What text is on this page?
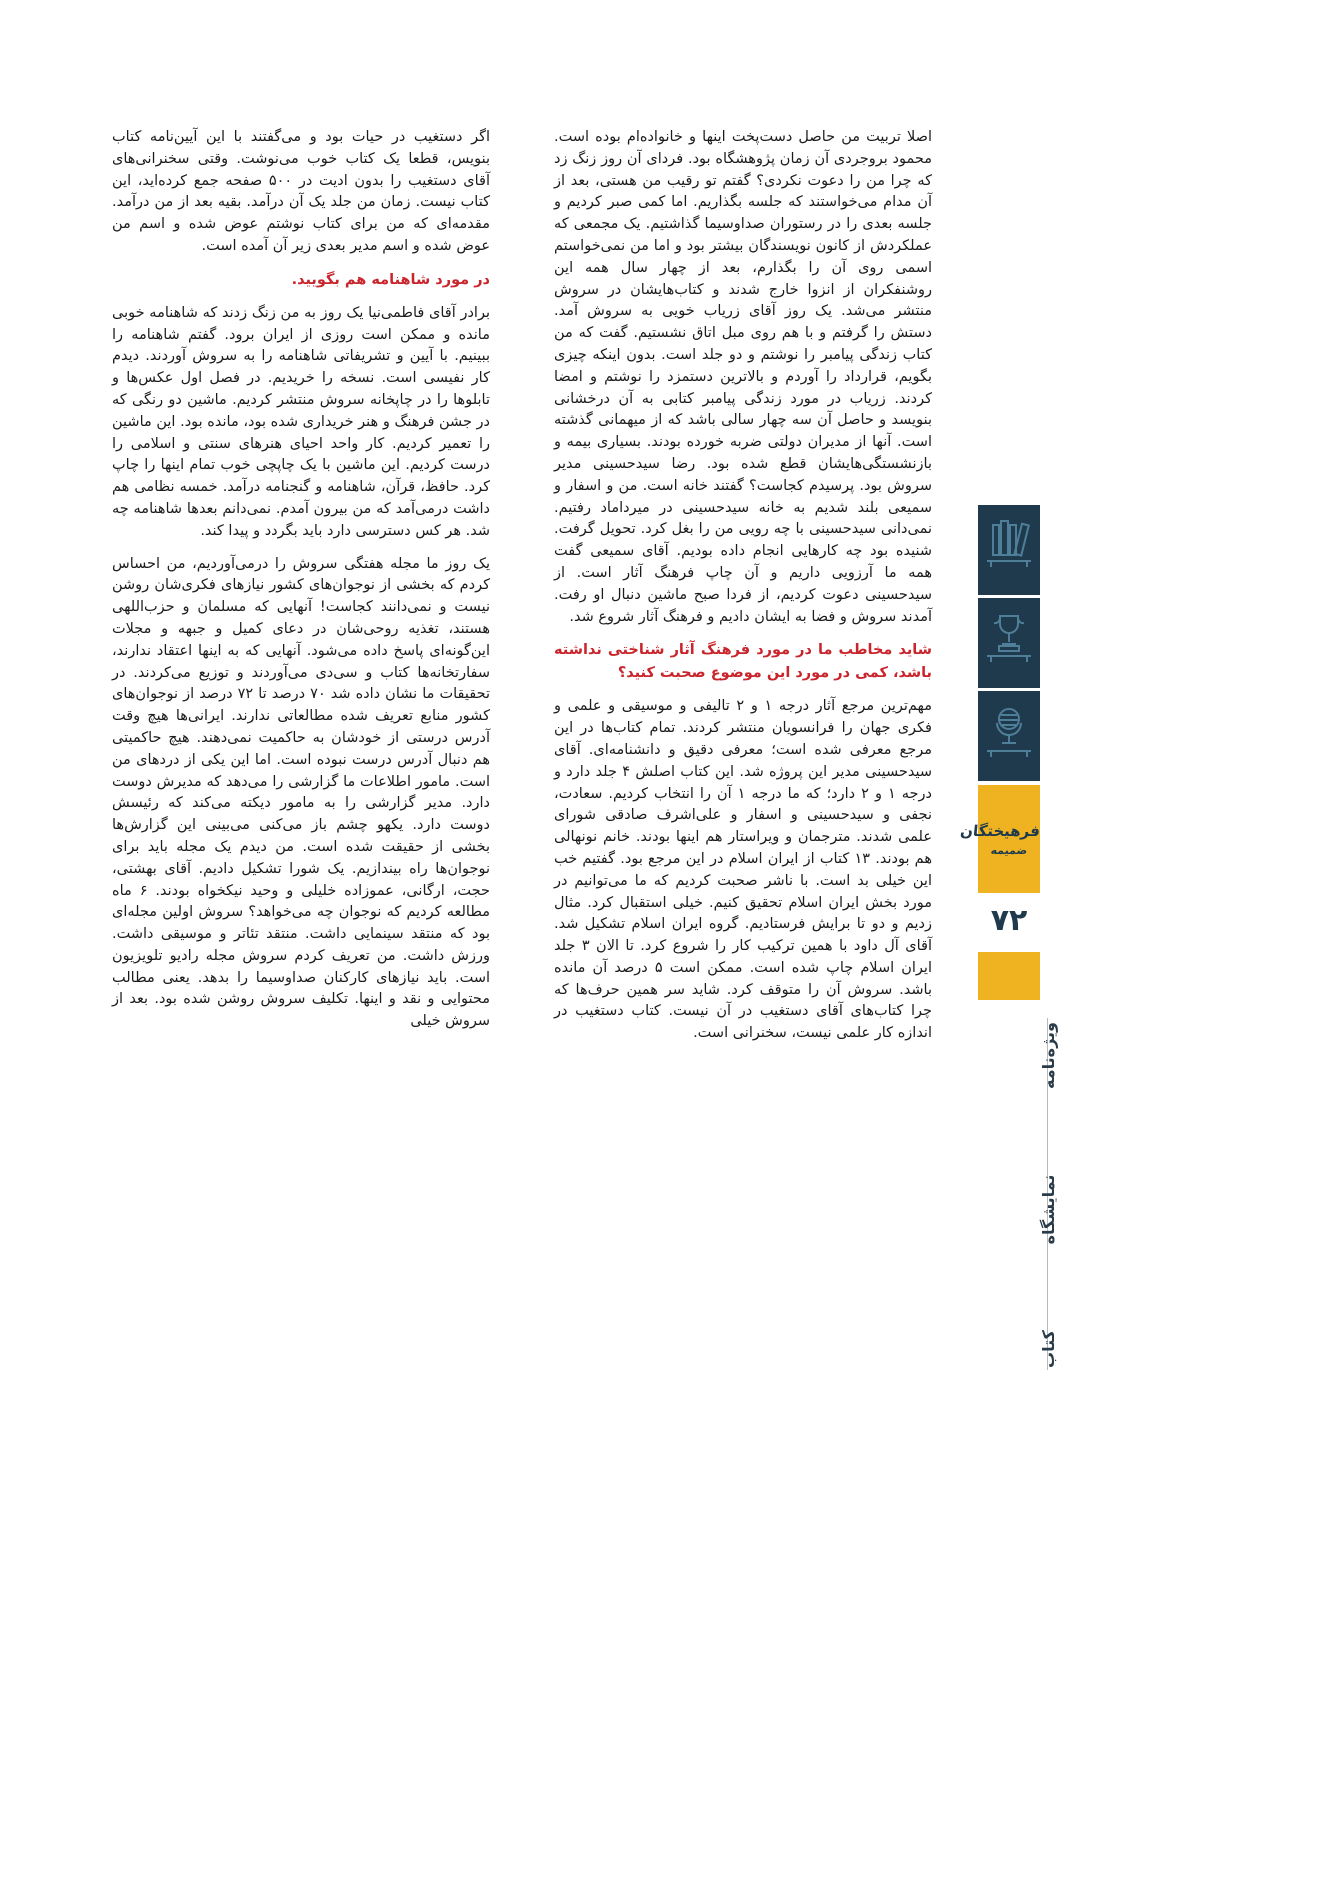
اصلا تربیت من حاصل دست‌پخت اینها و خانواده‌ام بوده است. محمود بروجردی آن زمان پژوهشگاه بود. فردای آن روز زنگ زد که چرا من را دعوت نکردی؟ گفتم تو رقیب من هستی، بعد از آن مدام می‌خواستند که جلسه بگذاریم. اما کمی صبر کردیم و جلسه بعدی را در رستوران صداوسیما گذاشتیم. یک مجمعی که عملکردش از کانون نویسندگان بیشتر بود و اما من نمی‌خواستم اسمی روی آن را بگذارم، بعد از چهار سال همه این روشنفکران از انزوا خارج شدند و کتاب‌هایشان در سروش منتشر می‌شد. یک روز آقای زریاب خویی به سروش آمد. دستش را گرفتم و با هم روی مبل اتاق نشستیم. گفت که من کتاب زندگی پیامبر را نوشتم و دو جلد است. بدون اینکه چیزی بگویم، قرارداد را آوردم و بالاترین دستمزد را نوشتم و امضا کردند. زریاب در مورد زندگی پیامبر کتابی به آن درخشانی بنویسد و حاصل آن سه چهار سالی باشد که از میهمانی گذشته است. آنها از مدیران دولتی ضربه خورده بودند. بسیاری بیمه و بازنشستگی‌هایشان قطع شده بود. رضا سیدحسینی مدیر سروش بود. پرسیدم کجاست؟ گفتند خانه است. من و اسفار و سمیعی بلند شدیم به خانه سیدحسینی در میرداماد رفتیم. نمی‌دانی سیدحسینی با چه رویی من را بغل کرد. تحویل گرفت. شنیده بود چه کارهایی انجام داده بودیم. آقای سمیعی گفت همه ما آرزویی داریم و آن چاپ فرهنگ آثار است. از سیدحسینی دعوت کردیم، از فردا صبح ماشین دنبال او رفت. آمدند سروش و فضا به ایشان دادیم و فرهنگ آثار شروع شد.

شاید مخاطب ما در مورد فرهنگ آثار شناختی نداشته باشد، کمی در مورد این موضوع صحبت کنید؟

مهم‌ترین مرجع آثار درجه ۱ و ۲ تالیفی و موسیقی و علمی و فکری جهان را فرانسویان منتشر کردند. تمام کتاب‌ها در این مرجع معرفی شده است؛ معرفی دقیق و دانشنامه‌ای. آقای سیدحسینی مدیر این پروژه شد. این کتاب اصلش ۴ جلد دارد و درجه ۱ و ۲ دارد؛ که ما درجه ۱ آن را انتخاب کردیم. سعادت، نجفی و سیدحسینی و اسفار و علی‌اشرف صادقی شورای علمی شدند. مترجمان و ویراستار هم اینها بودند. خانم نونهالی هم بودند. ۱۳ کتاب از ایران اسلام در این مرجع بود. گفتیم خب این خیلی بد است. با ناشر صحبت کردیم که ما می‌توانیم در مورد بخش ایران اسلام تحقیق کنیم. خیلی استقبال کرد. مثال زدیم و دو تا برایش فرستادیم. گروه ایران اسلام تشکیل شد. آقای آل داود با همین ترکیب کار را شروع کرد. تا الان ۳ جلد ایران اسلام چاپ شده است. ممکن است ۵ درصد آن مانده باشد. سروش آن را متوقف کرد. شاید سر همین حرف‌ها که چرا کتاب‌های آقای دستغیب در آن نیست. کتاب دستغیب در اندازه کار علمی نیست، سخنرانی است.

اگر دستغیب در حیات بود و می‌گفتند با این آیین‌نامه کتاب بنویس، قطعا یک کتاب خوب می‌نوشت. وقتی سخنرانی‌های آقای دستغیب را بدون ادیت در ۵۰۰ صفحه جمع کرده‌اید، این کتاب نیست. زمان من جلد یک آن درآمد. بقیه بعد از من درآمد. مقدمه‌ای که من برای کتاب نوشتم عوض شده و اسم من عوض شده و اسم مدیر بعدی زیر آن آمده است.

در مورد شاهنامه هم بگویید.

برادر آقای فاطمی‌نیا یک روز به من زنگ زدند که شاهنامه خوبی مانده و ممکن است روزی از ایران برود. گفتم شاهنامه را ببینیم. با آیین و تشریفاتی شاهنامه را به سروش آوردند. دیدم کار نفیسی است. نسخه را خریدیم. در فصل اول عکس‌ها و تابلوها را در چاپخانه سروش منتشر کردیم. ماشین دو رنگی که در جشن فرهنگ و هنر خریداری شده بود، مانده بود. این ماشین را تعمیر کردیم. کار واحد احیای هنرهای سنتی و اسلامی را درست کردیم. این ماشین با یک چاپچی خوب تمام اینها را چاپ کرد. حافظ، قرآن، شاهنامه و گنجنامه درآمد. خمسه نظامی هم داشت درمی‌آمد که من بیرون آمدم. نمی‌دانم بعدها شاهنامه چه شد. هر کس دسترسی دارد باید بگردد و پیدا کند.

یک روز ما مجله هفتگی سروش را درمی‌آوردیم، من احساس کردم که بخشی از نوجوان‌های کشور نیازهای فکری‌شان روشن نیست و نمی‌دانند کجاست! آنهایی که مسلمان و حزب‌اللهی هستند، تغذیه روحی‌شان در دعای کمیل و جبهه و مجلات این‌گونه‌ای پاسخ داده می‌شود. آنهایی که به اینها اعتقاد ندارند، سفارتخانه‌ها کتاب و سی‌دی می‌آوردند و توزیع می‌کردند. در تحقیقات ما نشان داده شد ۷۰ درصد تا ۷۲ درصد از نوجوان‌های کشور منابع تعریف شده مطالعاتی ندارند. ایرانی‌ها هیچ وقت آدرس درستی از خودشان به حاکمیت نمی‌دهند. هیچ حاکمیتی هم دنبال آدرس درست نبوده است. اما این یکی از دردهای من است. مامور اطلاعات ما گزارشی را می‌دهد که مدیرش دوست دارد. مدیر گزارشی را به مامور دیکته می‌کند که رئیسش دوست دارد. یکهو چشم باز می‌کنی می‌بینی این گزارش‌ها بخشی از حقیقت شده است. من دیدم یک مجله باید برای نوجوان‌ها راه بیندازیم. یک شورا تشکیل دادیم. آقای بهشتی، حجت، ارگانی، عموزاده خلیلی و وحید نیکخواه بودند. ۶ ماه مطالعه کردیم که نوجوان چه می‌خواهد؟ سروش اولین مجله‌ای بود که منتقد سینمایی داشت. منتقد تئاتر و موسیقی داشت. ورزش داشت. من تعریف کردم سروش مجله رادیو تلویزیون است. باید نیازهای کارکنان صداوسیما را بدهد. یعنی مطالب محتوایی و نقد و اینها. تکلیف سروش روشن شده بود. بعد از سروش خیلی

فرهیختگان
ضمیمه
۷۲
ویژه‌نامه نمایشگاه کتاب
